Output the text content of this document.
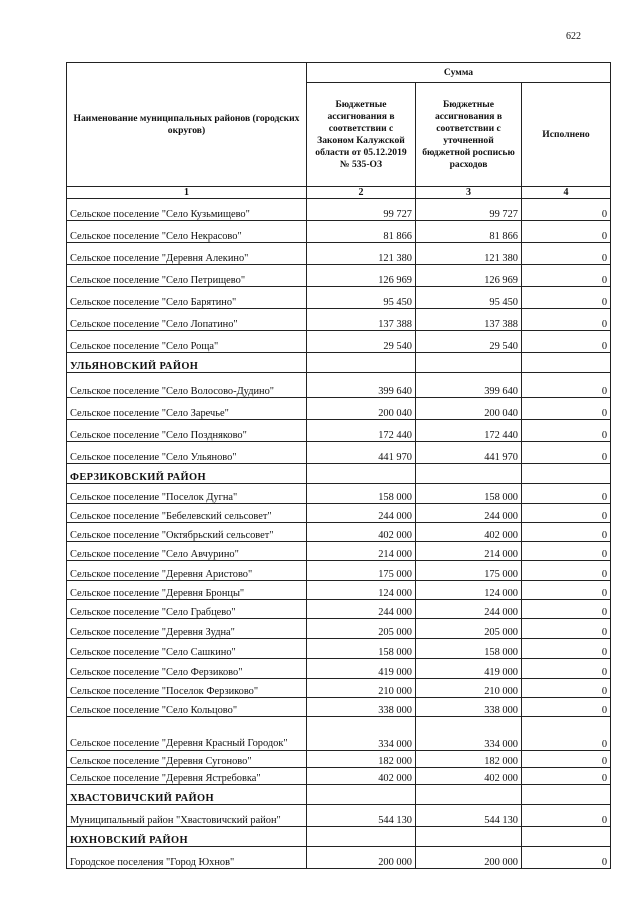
622
Наименование муниципальных районов (городских округов)	Сумма		
	Бюджетные ассигнования в соответствии с Законом Калужской области от 05.12.2019 № 535-ОЗ	Бюджетные ассигнования в соответствии с уточненной бюджетной росписью расходов	Исполнено
1	2	3	4
Сельское поселение "Село Кузьмищево"	99 727	99 727	0
Сельское поселение "Село Некрасово"	81 866	81 866	0
Сельское поселение "Деревня Алекино"	121 380	121 380	0
Сельское поселение "Село Петрищево"	126 969	126 969	0
Сельское поселение "Село Барятино"	95 450	95 450	0
Сельское поселение "Село Лопатино"	137 388	137 388	0
Сельское поселение "Село Роща"	29 540	29 540	0
УЛЬЯНОВСКИЙ РАЙОН			
Сельское поселение "Село Волосово-Дудино"	399 640	399 640	0
Сельское поселение "Село Заречье"	200 040	200 040	0
Сельское поселение "Село Поздняково"	172 440	172 440	0
Сельское поселение "Село Ульяново"	441 970	441 970	0
ФЕРЗИКОВСКИЙ РАЙОН			
Сельское поселение "Поселок Дугна"	158 000	158 000	0
Сельское поселение "Бебелевский сельсовет"	244 000	244 000	0
Сельское поселение "Октябрьский сельсовет"	402 000	402 000	0
Сельское поселение "Село Авчурино"	214 000	214 000	0
Сельское поселение "Деревня Аристово"	175 000	175 000	0
Сельское поселение "Деревня Бронцы"	124 000	124 000	0
Сельское поселение "Село Грабцево"	244 000	244 000	0
Сельское поселение "Деревня Зудна"	205 000	205 000	0
Сельское поселение "Село Сашкино"	158 000	158 000	0
Сельское поселение "Село Ферзиково"	419 000	419 000	0
Сельское поселение "Поселок Ферзиково"	210 000	210 000	0
Сельское поселение "Село Кольцово"	338 000	338 000	0
Сельское поселение "Деревня Красный Городок"	334 000	334 000	0
Сельское поселение "Деревня Сугоново"	182 000	182 000	0
Сельское поселение "Деревня Ястребовка"	402 000	402 000	0
ХВАСТОВИЧСКИЙ РАЙОН			
Муниципальный район "Хвастовичский район"	544 130	544 130	0
ЮХНОВСКИЙ РАЙОН			
Городское поселения "Город Юхнов"	200 000	200 000	0
